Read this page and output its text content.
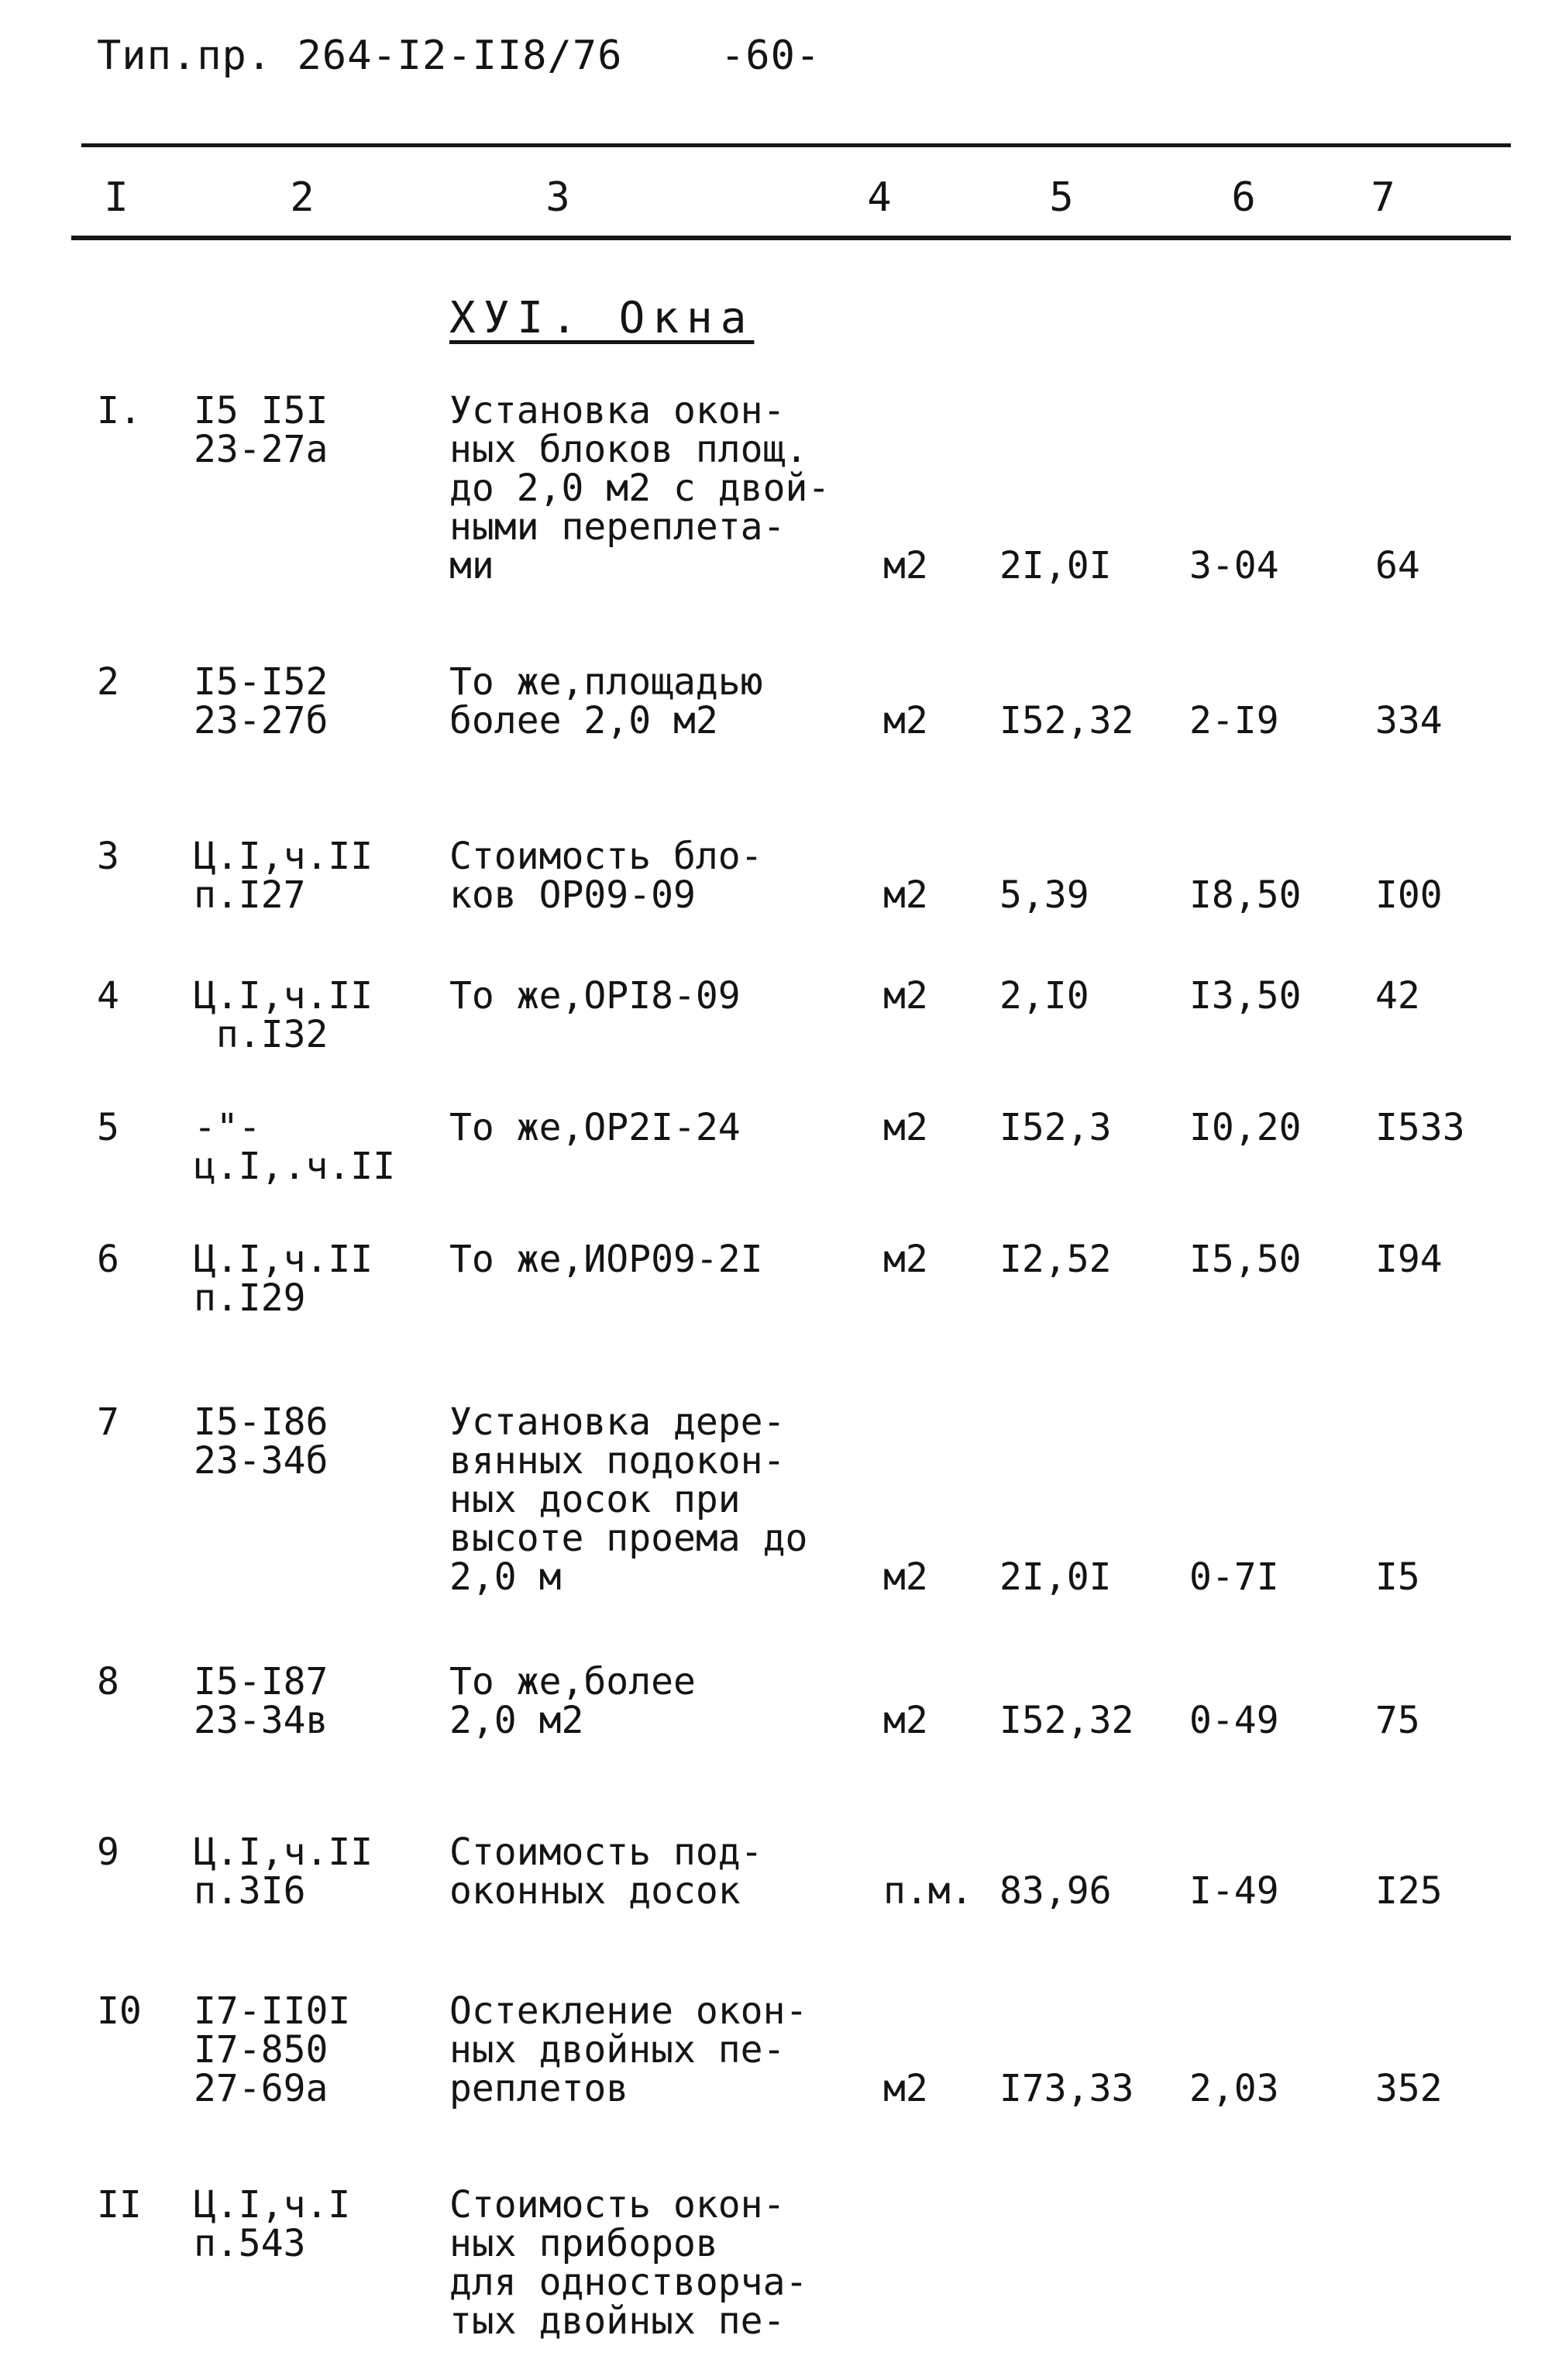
Тип.пр. 264-I2-II8/76 -60-
I	2	3	4	5	6	7
XУI. Окна
I. I5 I5I
23-27а
Установка окон-
ных блоков площ.
до 2,0 м2 с двой-
ными переплета-
ми	м2 2I,0I 3-04	64
2 I5-I52
23-27б
То же,площадью
более 2,0 м2	м2 I52,32 2-I9	334
3 Ц.I,ч.II
п.I27
Стоимость бло-
ков ОР09-09	м2 5,39	I8,50 I00
4 Ц.I,ч.II
п.I32
То же,ОРI8-09	м2 2,I0	I3,50 42
5 -"-
ц.I,.ч.II
То же,ОР2I-24	м2 I52,3 I0,20 I533
6 Ц.I,ч.II
п.I29
То же,ИОР09-2I	м2 I2,52 I5,50 I94
7 I5-I86
23-34б
Установка дере-
вянных подокон-
ных досок при
высоте проема до
2,0 м	м2 2I,0I 0-7I	I5
8 I5-I87
23-34в
То же,более
2,0 м2	м2 I52,32 0-49	75
9 Ц.I,ч.II
п.3I6
Стоимость под-
оконных досок	п.м. 83,96 I-49	I25
I0 I7-II0I
I7-850
27-69а
Остекление окон-
ных двойных пе-
реплетов	м2 I73,33 2,03	352
II Ц.I,ч.I
п.543
Стоимость окон-
ных приборов
для одностворча-
тых двойных пе-
